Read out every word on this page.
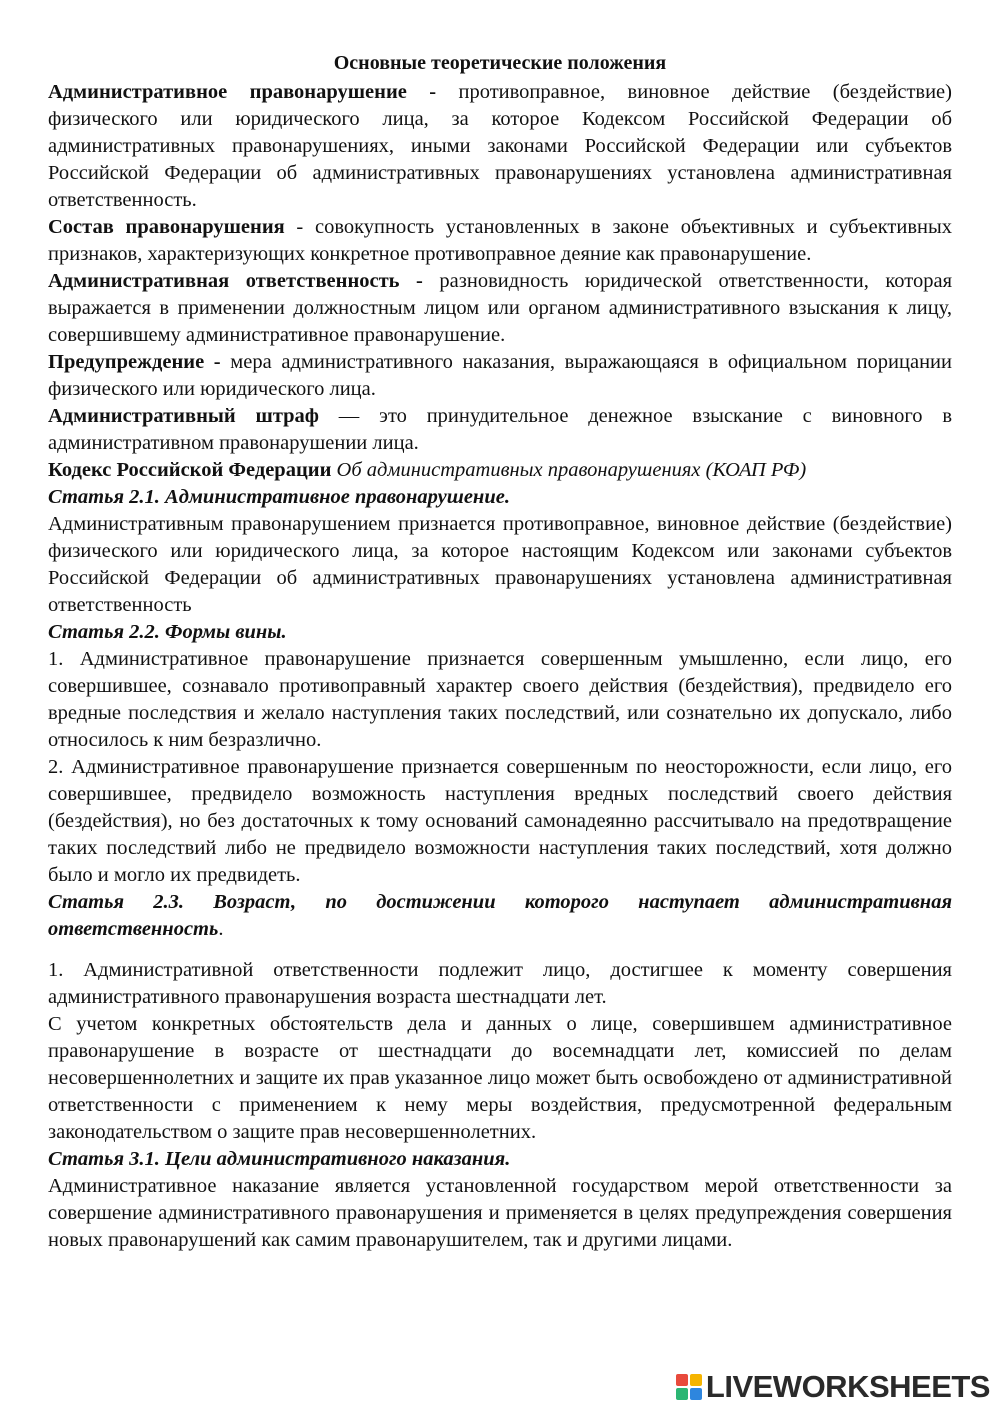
Основные теоретические положения

Административное правонарушение - противоправное, виновное действие (бездействие) физического или юридического лица, за которое Кодексом Российской Федерации об административных правонарушениях, иными законами Российской Федерации или субъектов Российской Федерации об административных правонарушениях установлена административная ответственность.

Состав правонарушения - совокупность установленных в законе объективных и субъективных признаков, характеризующих конкретное противоправное деяние как правонарушение.

Административная ответственность - разновидность юридической ответственности, которая выражается в применении должностным лицом или органом административного взыскания к лицу, совершившему административное правонарушение.

Предупреждение - мера административного наказания, выражающаяся в официальном порицании физического или юридического лица.

Административный штраф — это принудительное денежное взыскание с виновного в административном правонарушении лица.

Кодекс Российской Федерации Об административных правонарушениях (КОАП РФ)

Статья 2.1. Административное правонарушение.

Административным правонарушением признается противоправное, виновное действие (бездействие) физического или юридического лица, за которое настоящим Кодексом или законами субъектов Российской Федерации об административных правонарушениях установлена административная ответственность

Статья 2.2. Формы вины.

1. Административное правонарушение признается совершенным умышленно, если лицо, его совершившее, сознавало противоправный характер своего действия (бездействия), предвидело его вредные последствия и желало наступления таких последствий, или сознательно их допускало, либо относилось к ним безразлично.

2. Административное правонарушение признается совершенным по неосторожности, если лицо, его совершившее, предвидело возможность наступления вредных последствий своего действия (бездействия), но без достаточных к тому оснований самонадеянно рассчитывало на предотвращение таких последствий либо не предвидело возможности наступления таких последствий, хотя должно было и могло их предвидеть.

Статья 2.3. Возраст, по достижении которого наступает административная ответственность.

1. Административной ответственности подлежит лицо, достигшее к моменту совершения административного правонарушения возраста шестнадцати лет.

С учетом конкретных обстоятельств дела и данных о лице, совершившем административное правонарушение в возрасте от шестнадцати до восемнадцати лет, комиссией по делам несовершеннолетних и защите их прав указанное лицо может быть освобождено от административной ответственности с применением к нему меры воздействия, предусмотренной федеральным законодательством о защите прав несовершеннолетних.

Статья 3.1. Цели административного наказания.

Административное наказание является установленной государством мерой ответственности за совершение административного правонарушения и применяется в целях предупреждения совершения новых правонарушений как самим правонарушителем, так и другими лицами.

LIVEWORKSHEETS
